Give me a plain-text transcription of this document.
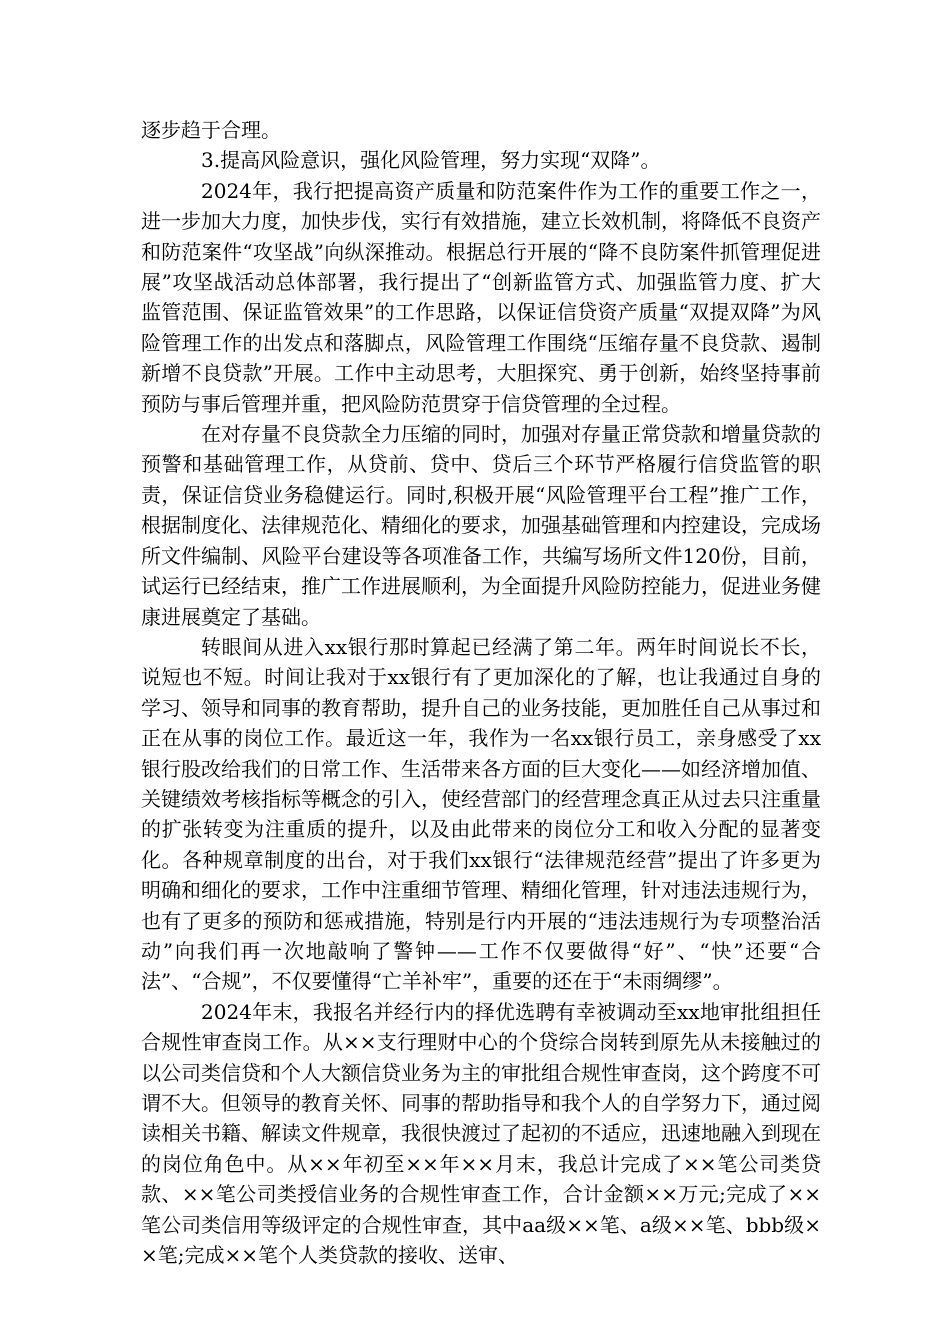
逐步趋于合理。

3.提高风险意识，强化风险管理，努力实现“双降”。

2024年，我行把提高资产质量和防范案件作为工作的重要工作之一，进一步加大力度，加快步伐，实行有效措施，建立长效机制，将降低不良资产和防范案件“攻坚战”向纵深推动。根据总行开展的“降不良防案件抓管理促进展”攻坚战活动总体部署，我行提出了“创新监管方式、加强监管力度、扩大监管范围、保证监管效果”的工作思路，以保证信贷资产质量“双提双降”为风险管理工作的出发点和落脚点，风险管理工作围绕“压缩存量不良贷款、遏制新增不良贷款”开展。工作中主动思考，大胆探究、勇于创新，始终坚持事前预防与事后管理并重，把风险防范贯穿于信贷管理的全过程。

在对存量不良贷款全力压缩的同时，加强对存量正常贷款和增量贷款的预警和基础管理工作，从贷前、贷中、贷后三个环节严格履行信贷监管的职责，保证信贷业务稳健运行。同时,积极开展“风险管理平台工程”推广工作，根据制度化、法律规范化、精细化的要求，加强基础管理和内控建设，完成场所文件编制、风险平台建设等各项准备工作，共编写场所文件120份，目前，试运行已经结束，推广工作进展顺利，为全面提升风险防控能力，促进业务健康进展奠定了基础。

转眼间从进入xx银行那时算起已经满了第二年。两年时间说长不长，说短也不短。时间让我对于xx银行有了更加深化的了解，也让我通过自身的学习、领导和同事的教育帮助，提升自己的业务技能，更加胜任自己从事过和正在从事的岗位工作。最近这一年，我作为一名xx银行员工，亲身感受了xx银行股改给我们的日常工作、生活带来各方面的巨大变化——如经济增加值、关键绩效考核指标等概念的引入，使经营部门的经营理念真正从过去只注重量的扩张转变为注重质的提升，以及由此带来的岗位分工和收入分配的显著变化。各种规章制度的出台，对于我们xx银行“法律规范经营”提出了许多更为明确和细化的要求，工作中注重细节管理、精细化管理，针对违法违规行为，也有了更多的预防和惩戒措施，特别是行内开展的“违法违规行为专项整治活动”向我们再一次地敲响了警钟——工作不仅要做得“好”、“快”还要“合法”、“合规”，不仅要懂得“亡羊补牢”，重要的还在于“未雨绸缪”。

2024年末，我报名并经行内的择优选聘有幸被调动至xx地审批组担任合规性审查岗工作。从××支行理财中心的个贷综合岗转到原先从未接触过的以公司类信贷和个人大额信贷业务为主的审批组合规性审查岗，这个跨度不可谓不大。但领导的教育关怀、同事的帮助指导和我个人的自学努力下，通过阅读相关书籍、解读文件规章，我很快渡过了起初的不适应，迅速地融入到现在的岗位角色中。从××年初至××年××月末，我总计完成了××笔公司类贷款、××笔公司类授信业务的合规性审查工作，合计金额××万元;完成了××笔公司类信用等级评定的合规性审查，其中aa级××笔、a级××笔、bbb级××笔;完成××笔个人类贷款的接收、送审、
